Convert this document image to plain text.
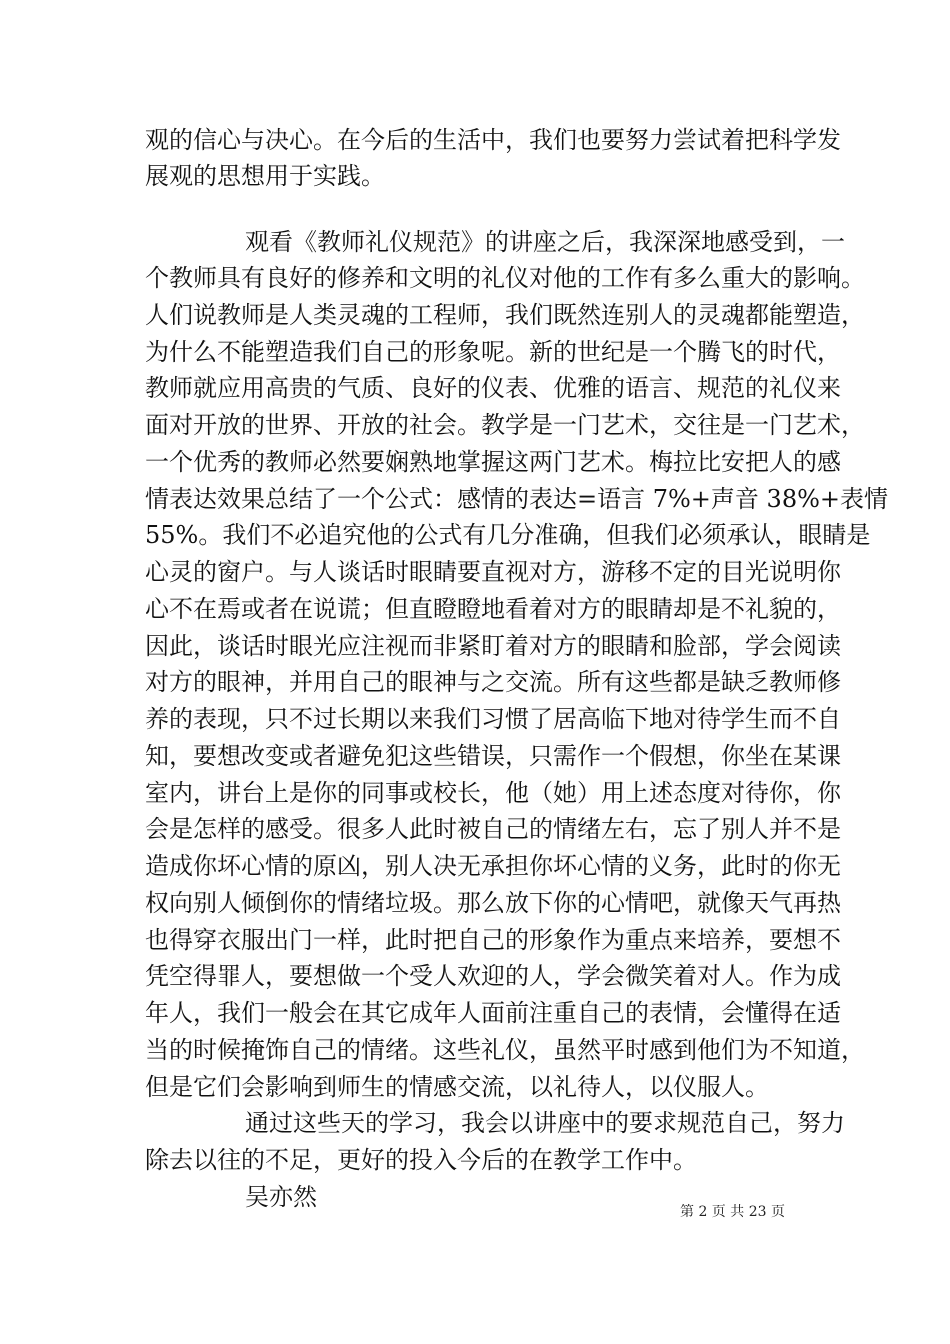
观的信心与决心。在今后的生活中，我们也要努力尝试着把科学发
展观的思想用于实践。
观看《教师礼仪规范》的讲座之后，我深深地感受到，一
个教师具有良好的修养和文明的礼仪对他的工作有多么重大的影响。
人们说教师是人类灵魂的工程师，我们既然连别人的灵魂都能塑造，
为什么不能塑造我们自己的形象呢。新的世纪是一个腾飞的时代，
教师就应用高贵的气质、良好的仪表、优雅的语言、规范的礼仪来
面对开放的世界、开放的社会。教学是一门艺术，交往是一门艺术，
一个优秀的教师必然要娴熟地掌握这两门艺术。梅拉比安把人的感
情表达效果总结了一个公式：感情的表达=语言 7%+声音 38%+表情
55%。我们不必追究他的公式有几分准确，但我们必须承认，眼睛是
心灵的窗户。与人谈话时眼睛要直视对方，游移不定的目光说明你
心不在焉或者在说谎；但直瞪瞪地看着对方的眼睛却是不礼貌的，
因此，谈话时眼光应注视而非紧盯着对方的眼睛和脸部，学会阅读
对方的眼神，并用自己的眼神与之交流。所有这些都是缺乏教师修
养的表现，只不过长期以来我们习惯了居高临下地对待学生而不自
知，要想改变或者避免犯这些错误，只需作一个假想，你坐在某课
室内，讲台上是你的同事或校长，他（她）用上述态度对待你，你
会是怎样的感受。很多人此时被自己的情绪左右，忘了别人并不是
造成你坏心情的原凶，别人决无承担你坏心情的义务，此时的你无
权向别人倾倒你的情绪垃圾。那么放下你的心情吧，就像天气再热
也得穿衣服出门一样，此时把自己的形象作为重点来培养，要想不
凭空得罪人，要想做一个受人欢迎的人，学会微笑着对人。作为成
年人，我们一般会在其它成年人面前注重自己的表情，会懂得在适
当的时候掩饰自己的情绪。这些礼仪，虽然平时感到他们为不知道，
但是它们会影响到师生的情感交流，以礼待人，以仪服人。
通过这些天的学习，我会以讲座中的要求规范自己，努力
除去以往的不足，更好的投入今后的在教学工作中。
吴亦然
第 2 页 共 23 页
